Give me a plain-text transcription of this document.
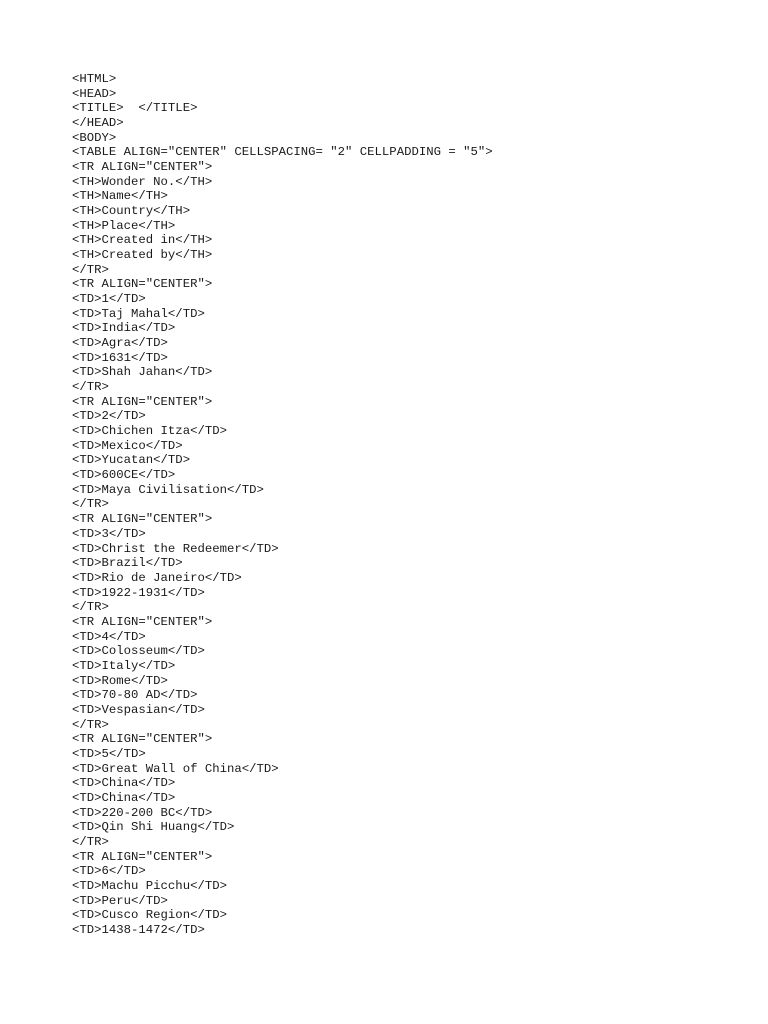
<HTML>
<HEAD>
<TITLE>  </TITLE>
</HEAD>
<BODY>
<TABLE ALIGN="CENTER" CELLSPACING= "2" CELLPADDING = "5">
<TR ALIGN="CENTER">
<TH>Wonder No.</TH>
<TH>Name</TH>
<TH>Country</TH>
<TH>Place</TH>
<TH>Created in</TH>
<TH>Created by</TH>
</TR>
<TR ALIGN="CENTER">
<TD>1</TD>
<TD>Taj Mahal</TD>
<TD>India</TD>
<TD>Agra</TD>
<TD>1631</TD>
<TD>Shah Jahan</TD>
</TR>
<TR ALIGN="CENTER">
<TD>2</TD>
<TD>Chichen Itza</TD>
<TD>Mexico</TD>
<TD>Yucatan</TD>
<TD>600CE</TD>
<TD>Maya Civilisation</TD>
</TR>
<TR ALIGN="CENTER">
<TD>3</TD>
<TD>Christ the Redeemer</TD>
<TD>Brazil</TD>
<TD>Rio de Janeiro</TD>
<TD>1922-1931</TD>
</TR>
<TR ALIGN="CENTER">
<TD>4</TD>
<TD>Colosseum</TD>
<TD>Italy</TD>
<TD>Rome</TD>
<TD>70-80 AD</TD>
<TD>Vespasian</TD>
</TR>
<TR ALIGN="CENTER">
<TD>5</TD>
<TD>Great Wall of China</TD>
<TD>China</TD>
<TD>China</TD>
<TD>220-200 BC</TD>
<TD>Qin Shi Huang</TD>
</TR>
<TR ALIGN="CENTER">
<TD>6</TD>
<TD>Machu Picchu</TD>
<TD>Peru</TD>
<TD>Cusco Region</TD>
<TD>1438-1472</TD>
